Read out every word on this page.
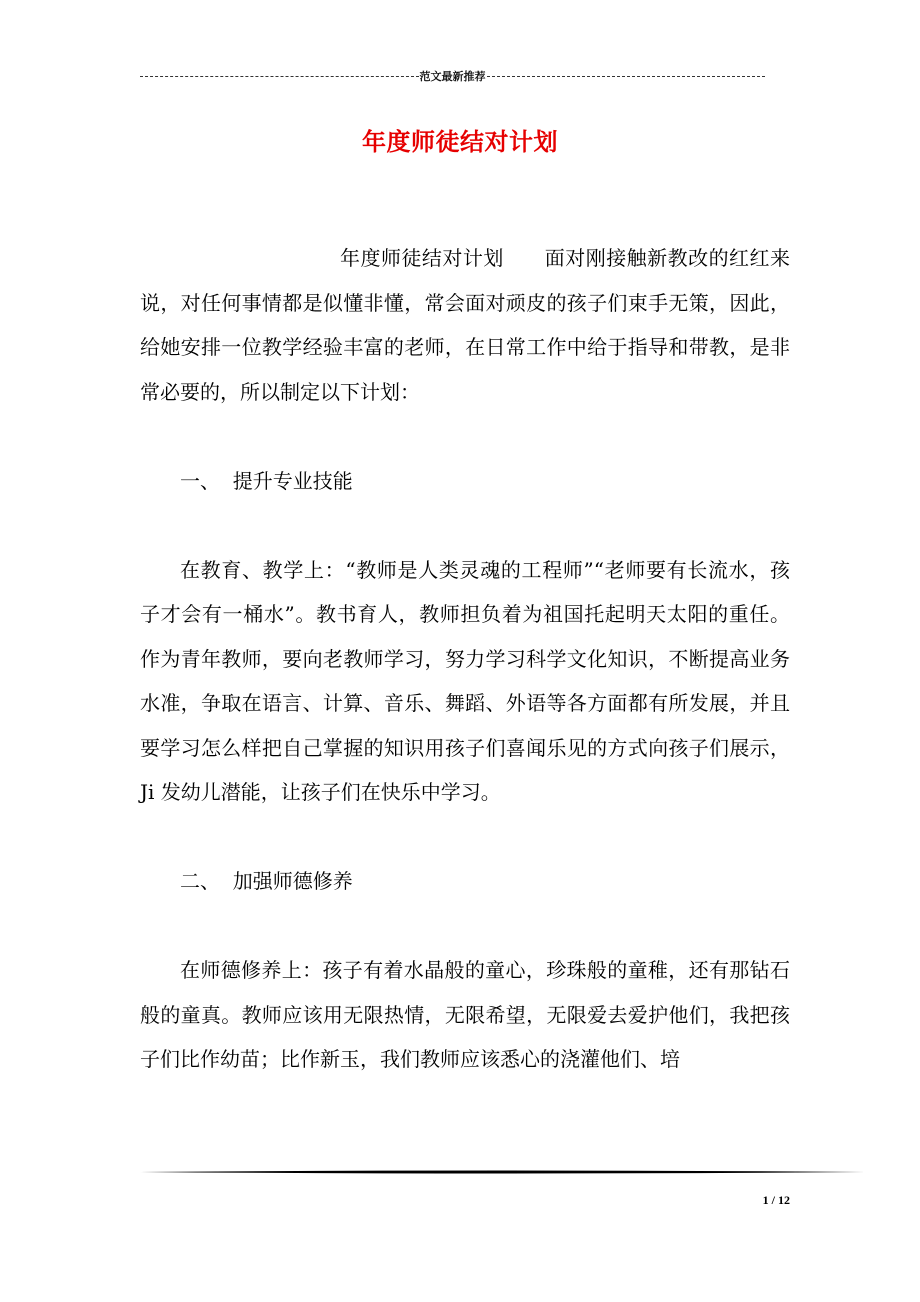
范文最新推荐
年度师徒结对计划

年度师徒结对计划　　面对刚接触新教改的红红来说，对任何事情都是似懂非懂，常会面对顽皮的孩子们束手无策，因此，给她安排一位教学经验丰富的老师，在日常工作中给于指导和带教，是非常必要的，所以制定以下计划：

一、  提升专业技能

在教育、教学上：“教师是人类灵魂的工程师”“老师要有长流水，孩子才会有一桶水”。教书育人，教师担负着为祖国托起明天太阳的重任。作为青年教师，要向老教师学习，努力学习科学文化知识，不断提高业务水准，争取在语言、计算、音乐、舞蹈、外语等各方面都有所发展，并且要学习怎么样把自己掌握的知识用孩子们喜闻乐见的方式向孩子们展示，Ji 发幼儿潜能，让孩子们在快乐中学习。

二、  加强师德修养

在师德修养上：孩子有着水晶般的童心，珍珠般的童稚，还有那钻石般的童真。教师应该用无限热情，无限希望，无限爱去爱护他们，我把孩子们比作幼苗；比作新玉，我们教师应该悉心的浇灌他们、培

1 / 12
